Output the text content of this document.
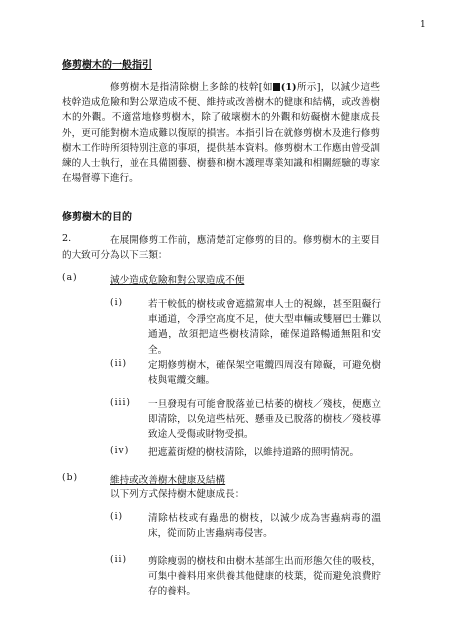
1
修剪樹木的一般指引
修剪樹木是指清除樹上多餘的枝幹[如 (1)所示]，以減少這些枝幹造成危險和對公眾造成不便、維持或改善樹木的健康和結構，或改善樹木的外觀。不適當地修剪樹木，除了破壞樹木的外觀和妨礙樹木健康成長外，更可能對樹木造成難以復原的損害。本指引旨在就修剪樹木及進行修剪樹木工作時所須特別注意的事項，提供基本資料。修剪樹木工作應由曾受訓練的人士執行，並在具備園藝、樹藝和樹木護理專業知識和相關經驗的專家在場督導下進行。
修剪樹木的目的
2.	在展開修剪工作前，應清楚訂定修剪的目的。修剪樹木的主要目的大致可分為以下三類：
(a)	減少造成危險和對公眾造成不便
(i)	若干較低的樹枝或會遮擋駕車人士的視線，甚至阻礙行車通道，令淨空高度不足，使大型車輛或雙層巴士難以通過，故須把這些樹枝清除，確保道路暢通無阻和安全。
(ii) 定期修剪樹木，確保架空電纜四周沒有障礙，可避免樹枝與電纜交纏。
(iii) 一旦發現有可能會脫落並已枯萎的樹枝／殘枝，便應立即清除，以免這些枯死、懸垂及已脫落的樹枝／殘枝導致途人受傷或財物受損。
(iv) 把遮蓋街燈的樹枝清除，以維持道路的照明情況。
(b)	維持或改善樹木健康及結構
以下列方式保持樹木健康成長：
(i)	清除枯枝或有蟲患的樹枝，以減少成為害蟲病毒的溫床，從而防止害蟲病毒侵害。
(ii) 剪除瘦弱的樹枝和由樹木基部生出而形態欠佳的吸枝，可集中養料用來供養其他健康的枝葉，從而避免浪費貯存的養料。
